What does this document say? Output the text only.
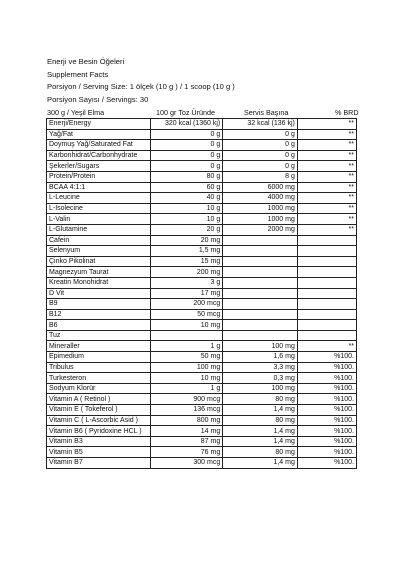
Enerji ve Besin Öğeleri
Supplement Facts
Porsiyon / Serving Size: 1 ölçek (10 g ) / 1 scoop (10 g )
Porsiyon Sayısı / Servings: 30
300 g / Yeşil Elma	100 gr Toz Üründe	Servis Başına	% BRD
Enerji/Energy	320 kcal (1360 kj)	32 kcal (136 kj)	**
Yağ/Fat	0 g	0 g	**
Doymuş Yağ/Saturated Fat	0 g	0 g	**
Karbonhidrat/Carbonhydrate	0 g	0 g	**
Şekerler/Sugars	0 g	0 g	**
Protein/Protein	80 g	8 g	**
BCAA 4:1:1	60 g	6000 mg	**
L-Leucine	40 g	4000 mg	**
L-Isolecine	10 g	1000 mg	**
L-Valin	10 g	1000 mg	**
L-Glutamine	20 g	2000 mg	**
Cafein	20 mg		
Selenyum	1,5 mg		
Çinko Pikolinat	15 mg		
Magnezyum Taurat	200 mg		
Kreatin Monohidrat	3 g		
D Vit	17 mg		
B9	200 mcg		
B12	50 mcg		
B6	10 mg		
Tuz			
Mineraller	1 g	100 mg	**
Epimedium	50 mg	1,6 mg	%100.
Tribulus	100 mg	3,3 mg	%100.
Turkesteron	10 mg	0,3 mg	%100.
Sodyum Klorür	1 g	100 mg	%100.
Vitamin A ( Retinol )	900 mcg	80 mg	%100.
Vitamin E ( Tokeferol )	136 mcg	1,4 mg	%100.
Vitamin C ( L-Ascorbic Asid )	800 mg	80 mg	%100.
Vitamin B6 ( Pyridoxine HCL )	14 mg	1,4 mg	%100.
Vitamin B3	87 mg	1,4 mg	%100.
Vitamin B5	76 mg	80 mg	%100.
Vitamin B7	300 mcg	1,4 mg	%100.
